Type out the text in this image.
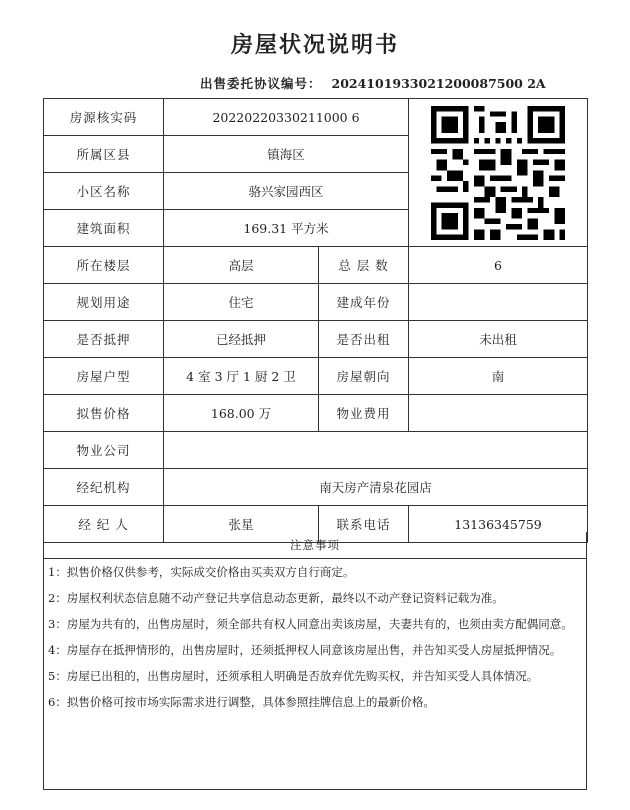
房屋状况说明书
出售委托协议编号： 2024101933021200087500 2A
房源核实码	20220220330211000 6	

所属区县	镇海区		
小区名称	骆兴家园西区		
建筑面积	169.31 平方米		
所在楼层	高层	总 层 数	6
规划用途	住宅	建成年份	
是否抵押	已经抵押	是否出租	未出租
房屋户型	4 室 3 厅 1 厨 2 卫	房屋朝向	南
拟售价格	168.00 万	物业费用	
物业公司			
经纪机构	南天房产清泉花园店		
经 纪 人	张星	联系电话	13136345759
注意事项

1：拟售价格仅供参考，实际成交价格由买卖双方自行商定。

2：房屋权利状态信息随不动产登记共享信息动态更新，最终以不动产登记资料记载为准。

3：房屋为共有的，出售房屋时，须全部共有权人同意出卖该房屋，夫妻共有的，也须由卖方配偶同意。

4：房屋存在抵押情形的，出售房屋时，还须抵押权人同意该房屋出售，并告知买受人房屋抵押情况。

5：房屋已出租的，出售房屋时，还须承租人明确是否放弃优先购买权，并告知买受人具体情况。

6：拟售价格可按市场实际需求进行调整，具体参照挂牌信息上的最新价格。
